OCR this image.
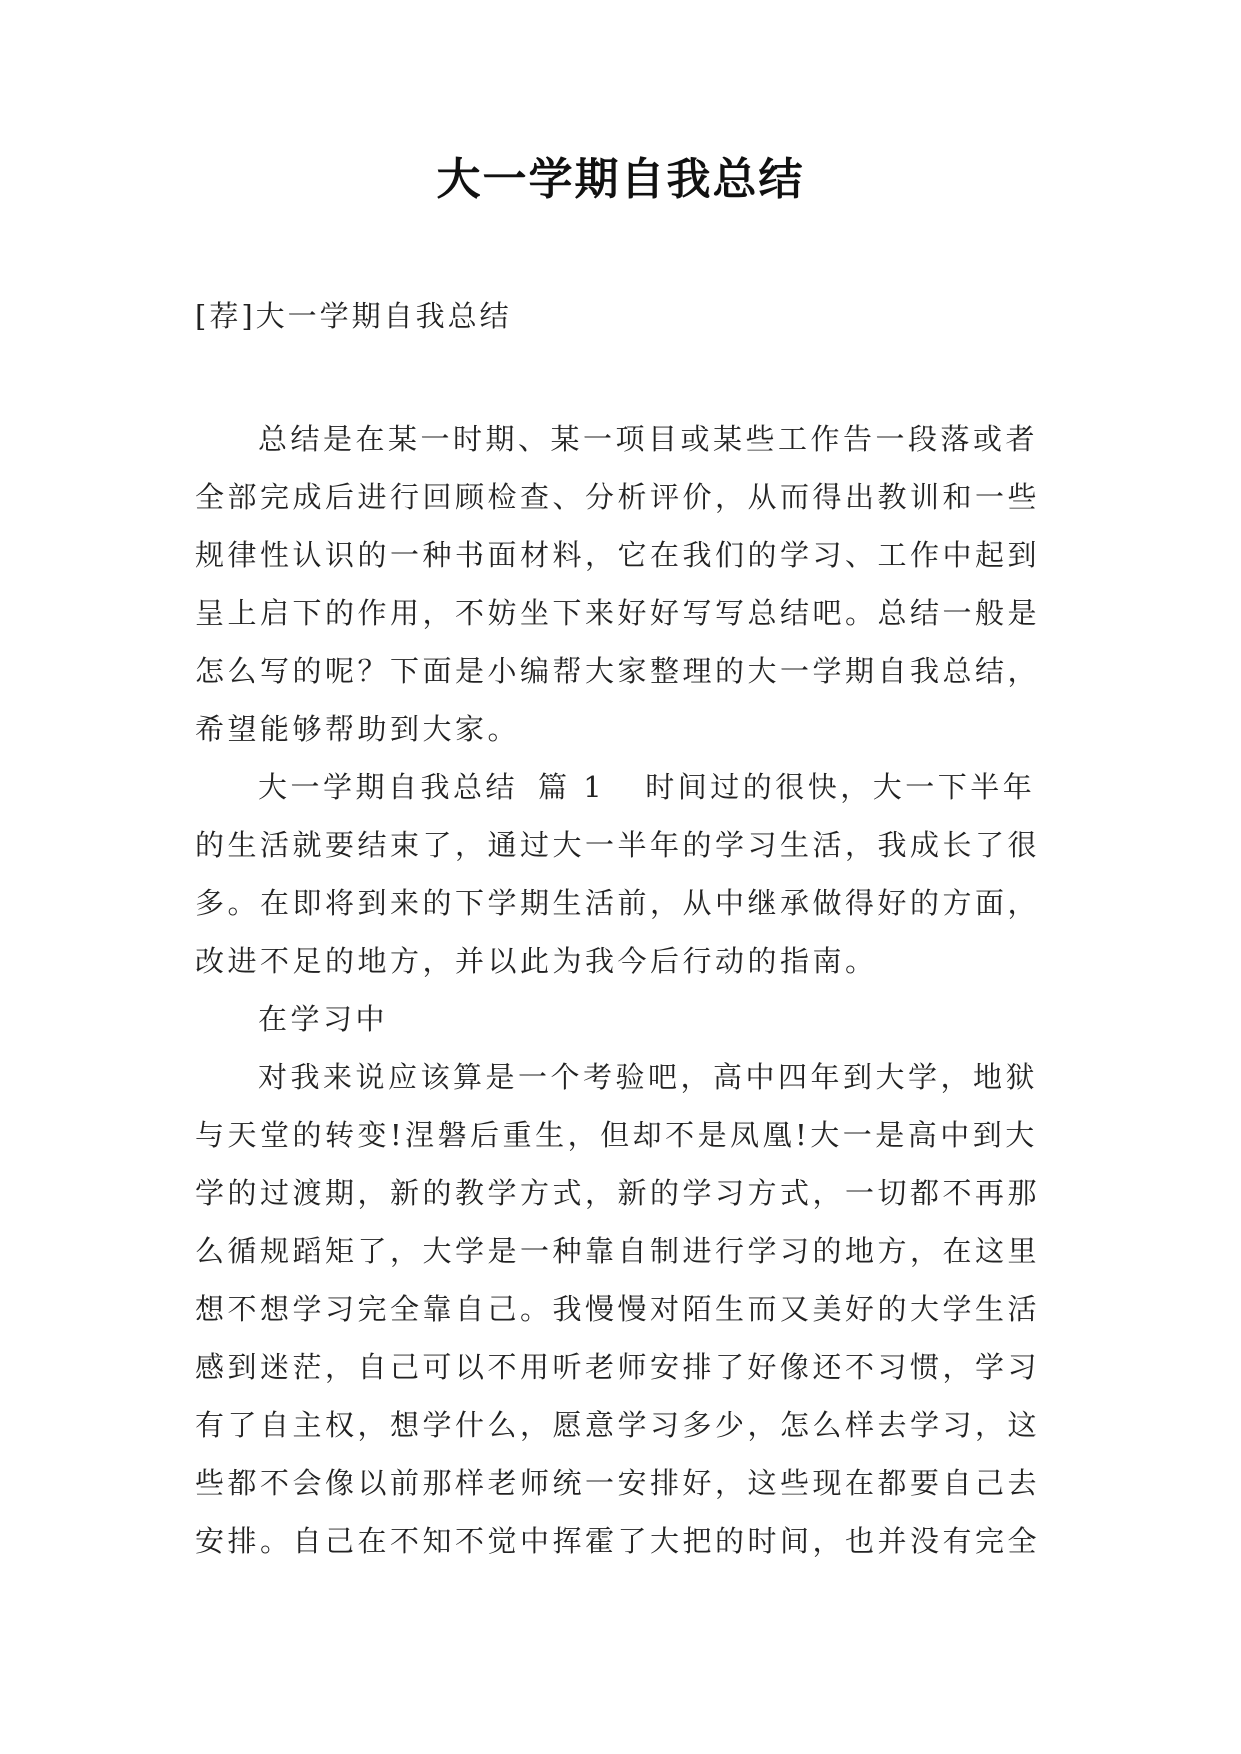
大一学期自我总结
[荐]大一学期自我总结
总结是在某一时期、某一项目或某些工作告一段落或者
全部完成后进行回顾检查、分析评价，从而得出教训和一些
规律性认识的一种书面材料，它在我们的学习、工作中起到
呈上启下的作用，不妨坐下来好好写写总结吧。总结一般是
怎么写的呢？下面是小编帮大家整理的大一学期自我总结，
希望能够帮助到大家。
大一学期自我总结 篇 1 时间过的很快，大一下半年
的生活就要结束了，通过大一半年的学习生活，我成长了很
多。在即将到来的下学期生活前，从中继承做得好的方面，
改进不足的地方，并以此为我今后行动的指南。
在学习中
对我来说应该算是一个考验吧，高中四年到大学，地狱
与天堂的转变!涅磐后重生，但却不是凤凰!大一是高中到大
学的过渡期，新的教学方式，新的学习方式，一切都不再那
么循规蹈矩了，大学是一种靠自制进行学习的地方，在这里
想不想学习完全靠自己。我慢慢对陌生而又美好的大学生活
感到迷茫，自己可以不用听老师安排了好像还不习惯，学习
有了自主权，想学什么，愿意学习多少，怎么样去学习，这
些都不会像以前那样老师统一安排好，这些现在都要自己去
安排。自己在不知不觉中挥霍了大把的时间，也并没有完全
